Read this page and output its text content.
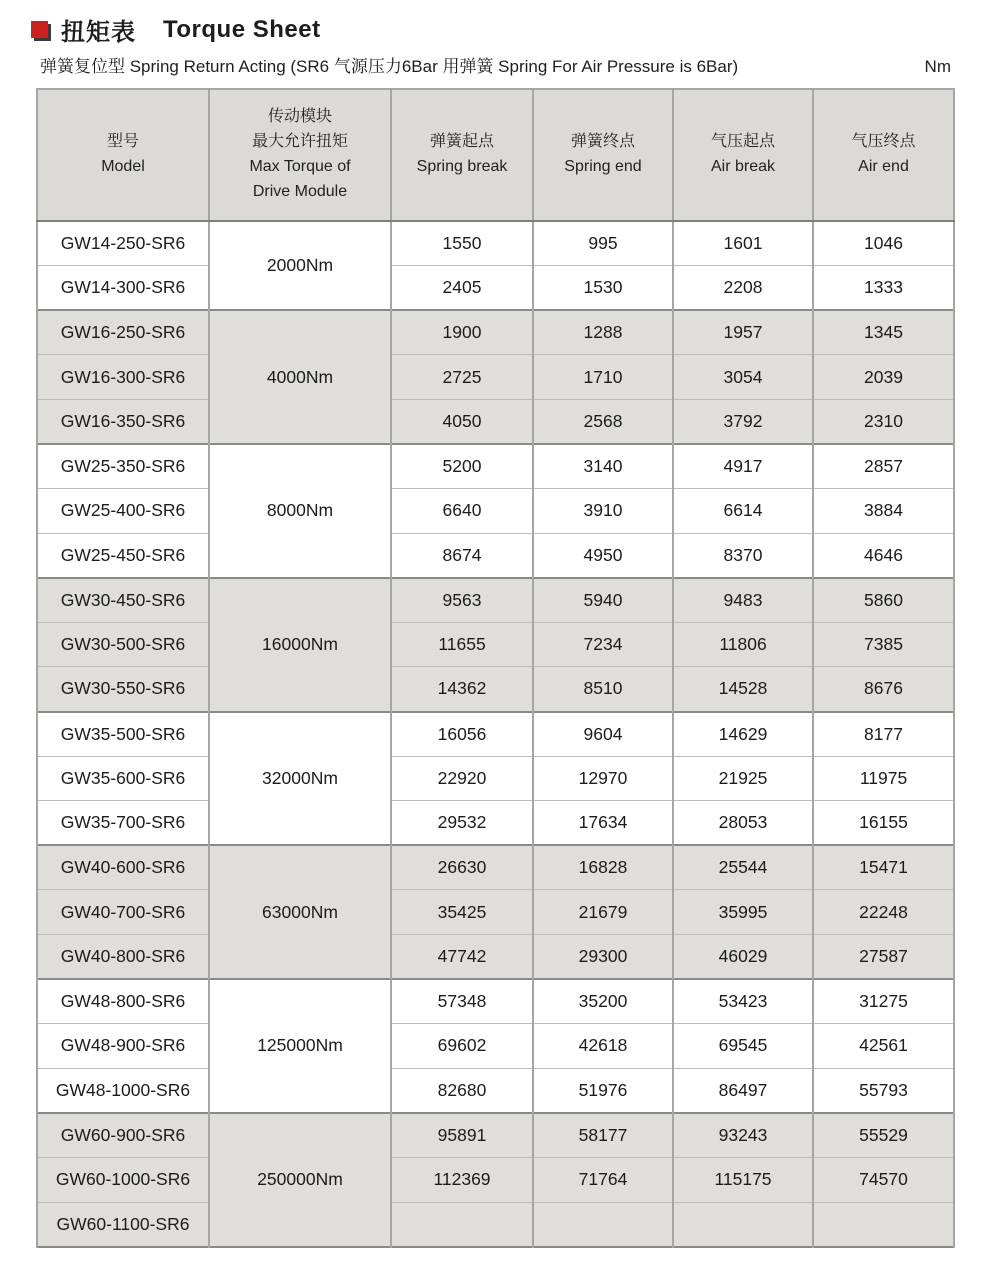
扭矩表 Torque Sheet
弹簧复位型 Spring Return Acting (SR6 气源压力6Bar 用弹簧 Spring For Air Pressure is 6Bar)	Nm
型号
Model

传动模块
最大允许扭矩
Max Torque of
Drive Module

弹簧起点
Spring break

弹簧终点
Spring end

气压起点
Air break

气压终点
Air end

GW14-250-SR6	2000Nm	1550	995	1601	1046
GW14-300-SR6		2405	1530	2208	1333
GW16-250-SR6	4000Nm	1900	1288	1957	1345
GW16-300-SR6		2725	1710	3054	2039
GW16-350-SR6		4050	2568	3792	2310
GW25-350-SR6	8000Nm	5200	3140	4917	2857
GW25-400-SR6		6640	3910	6614	3884
GW25-450-SR6		8674	4950	8370	4646
GW30-450-SR6	16000Nm	9563	5940	9483	5860
GW30-500-SR6		11655	7234	11806	7385
GW30-550-SR6		14362	8510	14528	8676
GW35-500-SR6	32000Nm	16056	9604	14629	8177
GW35-600-SR6		22920	12970	21925	11975
GW35-700-SR6		29532	17634	28053	16155
GW40-600-SR6	63000Nm	26630	16828	25544	15471
GW40-700-SR6		35425	21679	35995	22248
GW40-800-SR6		47742	29300	46029	27587
GW48-800-SR6	125000Nm	57348	35200	53423	31275
GW48-900-SR6		69602	42618	69545	42561
GW48-1000-SR6		82680	51976	86497	55793
GW60-900-SR6	250000Nm	95891	58177	93243	55529
GW60-1000-SR6		112369	71764	115175	74570
GW60-1100-SR6					
